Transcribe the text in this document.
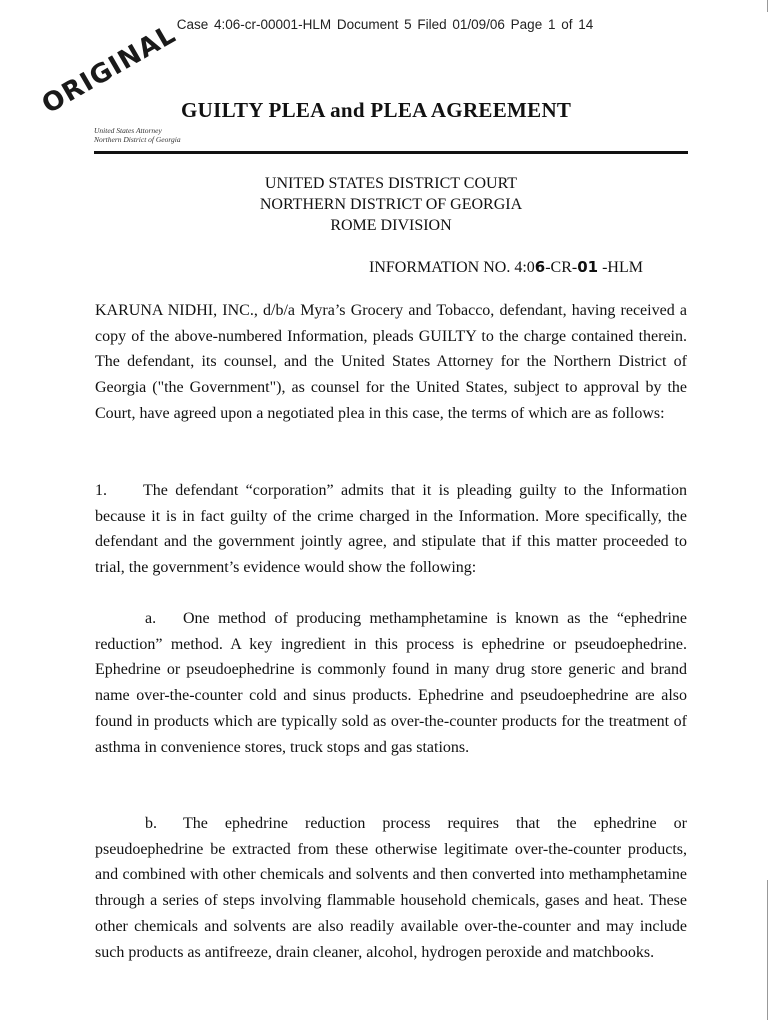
Case 4:06-cr-00001-HLM Document 5 Filed 01/09/06 Page 1 of 14
ORIGINAL
United States Attorney
Northern District of Georgia
GUILTY PLEA and PLEA AGREEMENT
UNITED STATES DISTRICT COURT
NORTHERN DISTRICT OF GEORGIA
ROME DIVISION
INFORMATION NO. 4:06-CR-01 -HLM
KARUNA NIDHI, INC., d/b/a Myra’s Grocery and Tobacco, defendant, having received a copy of the above-numbered Information, pleads GUILTY to the charge contained therein. The defendant, its counsel, and the United States Attorney for the Northern District of Georgia ("the Government"), as counsel for the United States, subject to approval by the Court, have agreed upon a negotiated plea in this case, the terms of which are as follows:
1. The defendant “corporation” admits that it is pleading guilty to the Information because it is in fact guilty of the crime charged in the Information. More specifically, the defendant and the government jointly agree, and stipulate that if this matter proceeded to trial, the government’s evidence would show the following:
a. One method of producing methamphetamine is known as the “ephedrine reduction” method. A key ingredient in this process is ephedrine or pseudoephedrine. Ephedrine or pseudoephedrine is commonly found in many drug store generic and brand name over-the-counter cold and sinus products. Ephedrine and pseudoephedrine are also found in products which are typically sold as over-the-counter products for the treatment of asthma in convenience stores, truck stops and gas stations.
b. The ephedrine reduction process requires that the ephedrine or pseudoephedrine be extracted from these otherwise legitimate over-the-counter products, and combined with other chemicals and solvents and then converted into methamphetamine through a series of steps involving flammable household chemicals, gases and heat. These other chemicals and solvents are also readily available over-the-counter and may include such products as antifreeze, drain cleaner, alcohol, hydrogen peroxide and matchbooks.
